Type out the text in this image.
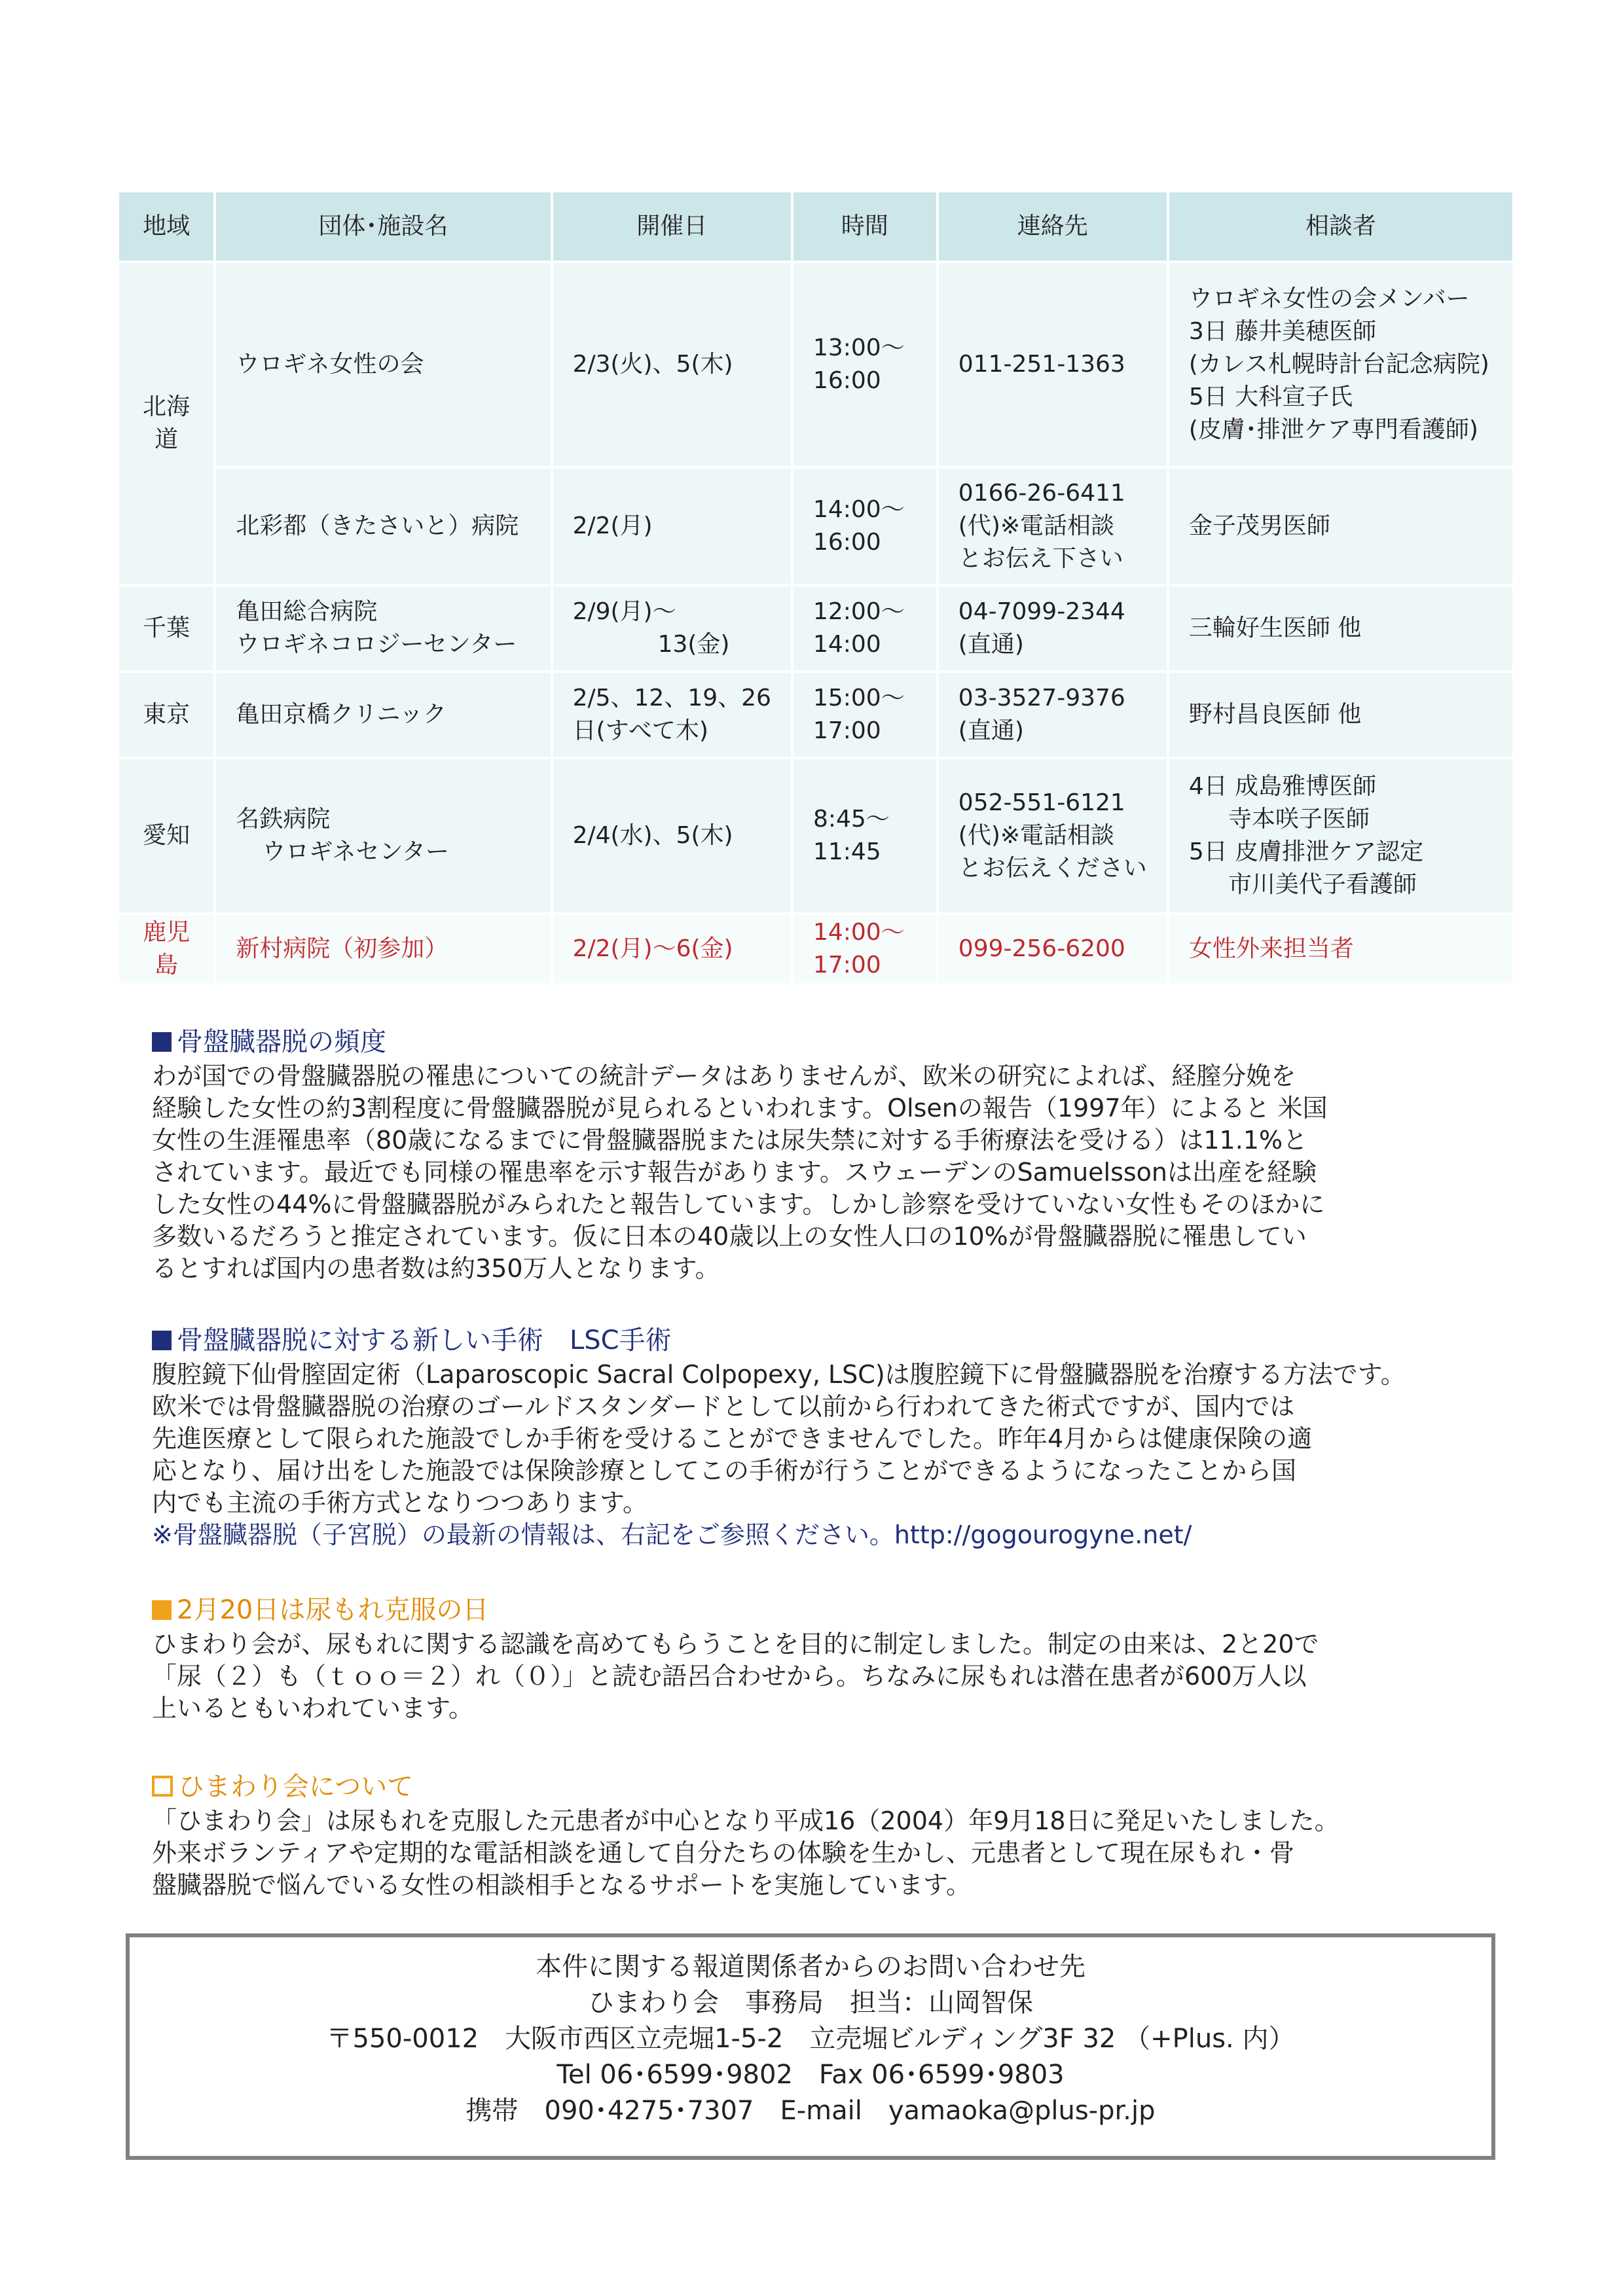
地域	団体･施設名	開催日	時間	連絡先	相談者
北海道	ウロギネ女性の会	2/3(火)、5(木)	13:00～16:00	011-251-1363	ウロギネ女性の会メンバー
3日 藤井美穂医師
(カレス札幌時計台記念病院)
5日 大科宣子氏
(皮膚･排泄ケア専門看護師)

	北彩都（きたさいと）病院	2/2(月)	14:00～16:00	0166-26-6411
(代)※電話相談
とお伝え下さい	金子茂男医師

千葉	亀田総合病院
ウロギネコロジーセンター	2/9(月)～
13(金)	12:00～14:00	04-7099-2344
(直通)	三輪好生医師 他

東京	亀田京橋クリニック	2/5、12、19、26
日(すべて木)	15:00～17:00	03-3527-9376
(直通)	野村昌良医師 他

愛知	名鉄病院
ウロギネセンター	2/4(水)、5(木)	8:45～11:45	052-551-6121
(代)※電話相談
とお伝えください	4日 成島雅博医師
寺本咲子医師
5日 皮膚排泄ケア認定
市川美代子看護師

鹿児島	新村病院（初参加）	2/2(月)～6(金)	14:00～17:00	099-256-6200	女性外来担当者
骨盤臓器脱の頻度
わが国での骨盤臓器脱の罹患についての統計データはありませんが、欧米の研究によれば、経膣分娩を
経験した女性の約3割程度に骨盤臓器脱が見られるといわれます。Olsenの報告（1997年）によると 米国
女性の生涯罹患率（80歳になるまでに骨盤臓器脱または尿失禁に対する手術療法を受ける）は11.1%と
されています。最近でも同様の罹患率を示す報告があります。スウェーデンのSamuelssonは出産を経験
した女性の44%に骨盤臓器脱がみられたと報告しています。しかし診察を受けていない女性もそのほかに
多数いるだろうと推定されています。仮に日本の40歳以上の女性人口の10%が骨盤臓器脱に罹患してい
るとすれば国内の患者数は約350万人となります。
骨盤臓器脱に対する新しい手術　LSC手術
腹腔鏡下仙骨膣固定術（Laparoscopic Sacral Colpopexy, LSC)は腹腔鏡下に骨盤臓器脱を治療する方法です。
欧米では骨盤臓器脱の治療のゴールドスタンダードとして以前から行われてきた術式ですが、国内では
先進医療として限られた施設でしか手術を受けることができませんでした。昨年4月からは健康保険の適
応となり、届け出をした施設では保険診療としてこの手術が行うことができるようになったことから国
内でも主流の手術方式となりつつあります。
※骨盤臓器脱（子宮脱）の最新の情報は、右記をご参照ください。http://gogourogyne.net/
2月20日は尿もれ克服の日
ひまわり会が、尿もれに関する認識を高めてもらうことを目的に制定しました。制定の由来は、2と20で
「尿（２）も（ｔｏｏ＝２）れ（０）」と読む語呂合わせから。ちなみに尿もれは潜在患者が600万人以
上いるともいわれています。
ひまわり会について
「ひまわり会」は尿もれを克服した元患者が中心となり平成16（2004）年9月18日に発足いたしました。
外来ボランティアや定期的な電話相談を通して自分たちの体験を生かし、元患者として現在尿もれ・骨
盤臓器脱で悩んでいる女性の相談相手となるサポートを実施しています。
本件に関する報道関係者からのお問い合わせ先
ひまわり会　事務局　担当：山岡智保
〒550-0012　大阪市西区立売堀1-5-2　立売堀ビルディング3F 32 （+Plus. 内）
Tel 06･6599･9802　Fax 06･6599･9803
携帯　090･4275･7307　E-mail　yamaoka@plus-pr.jp
